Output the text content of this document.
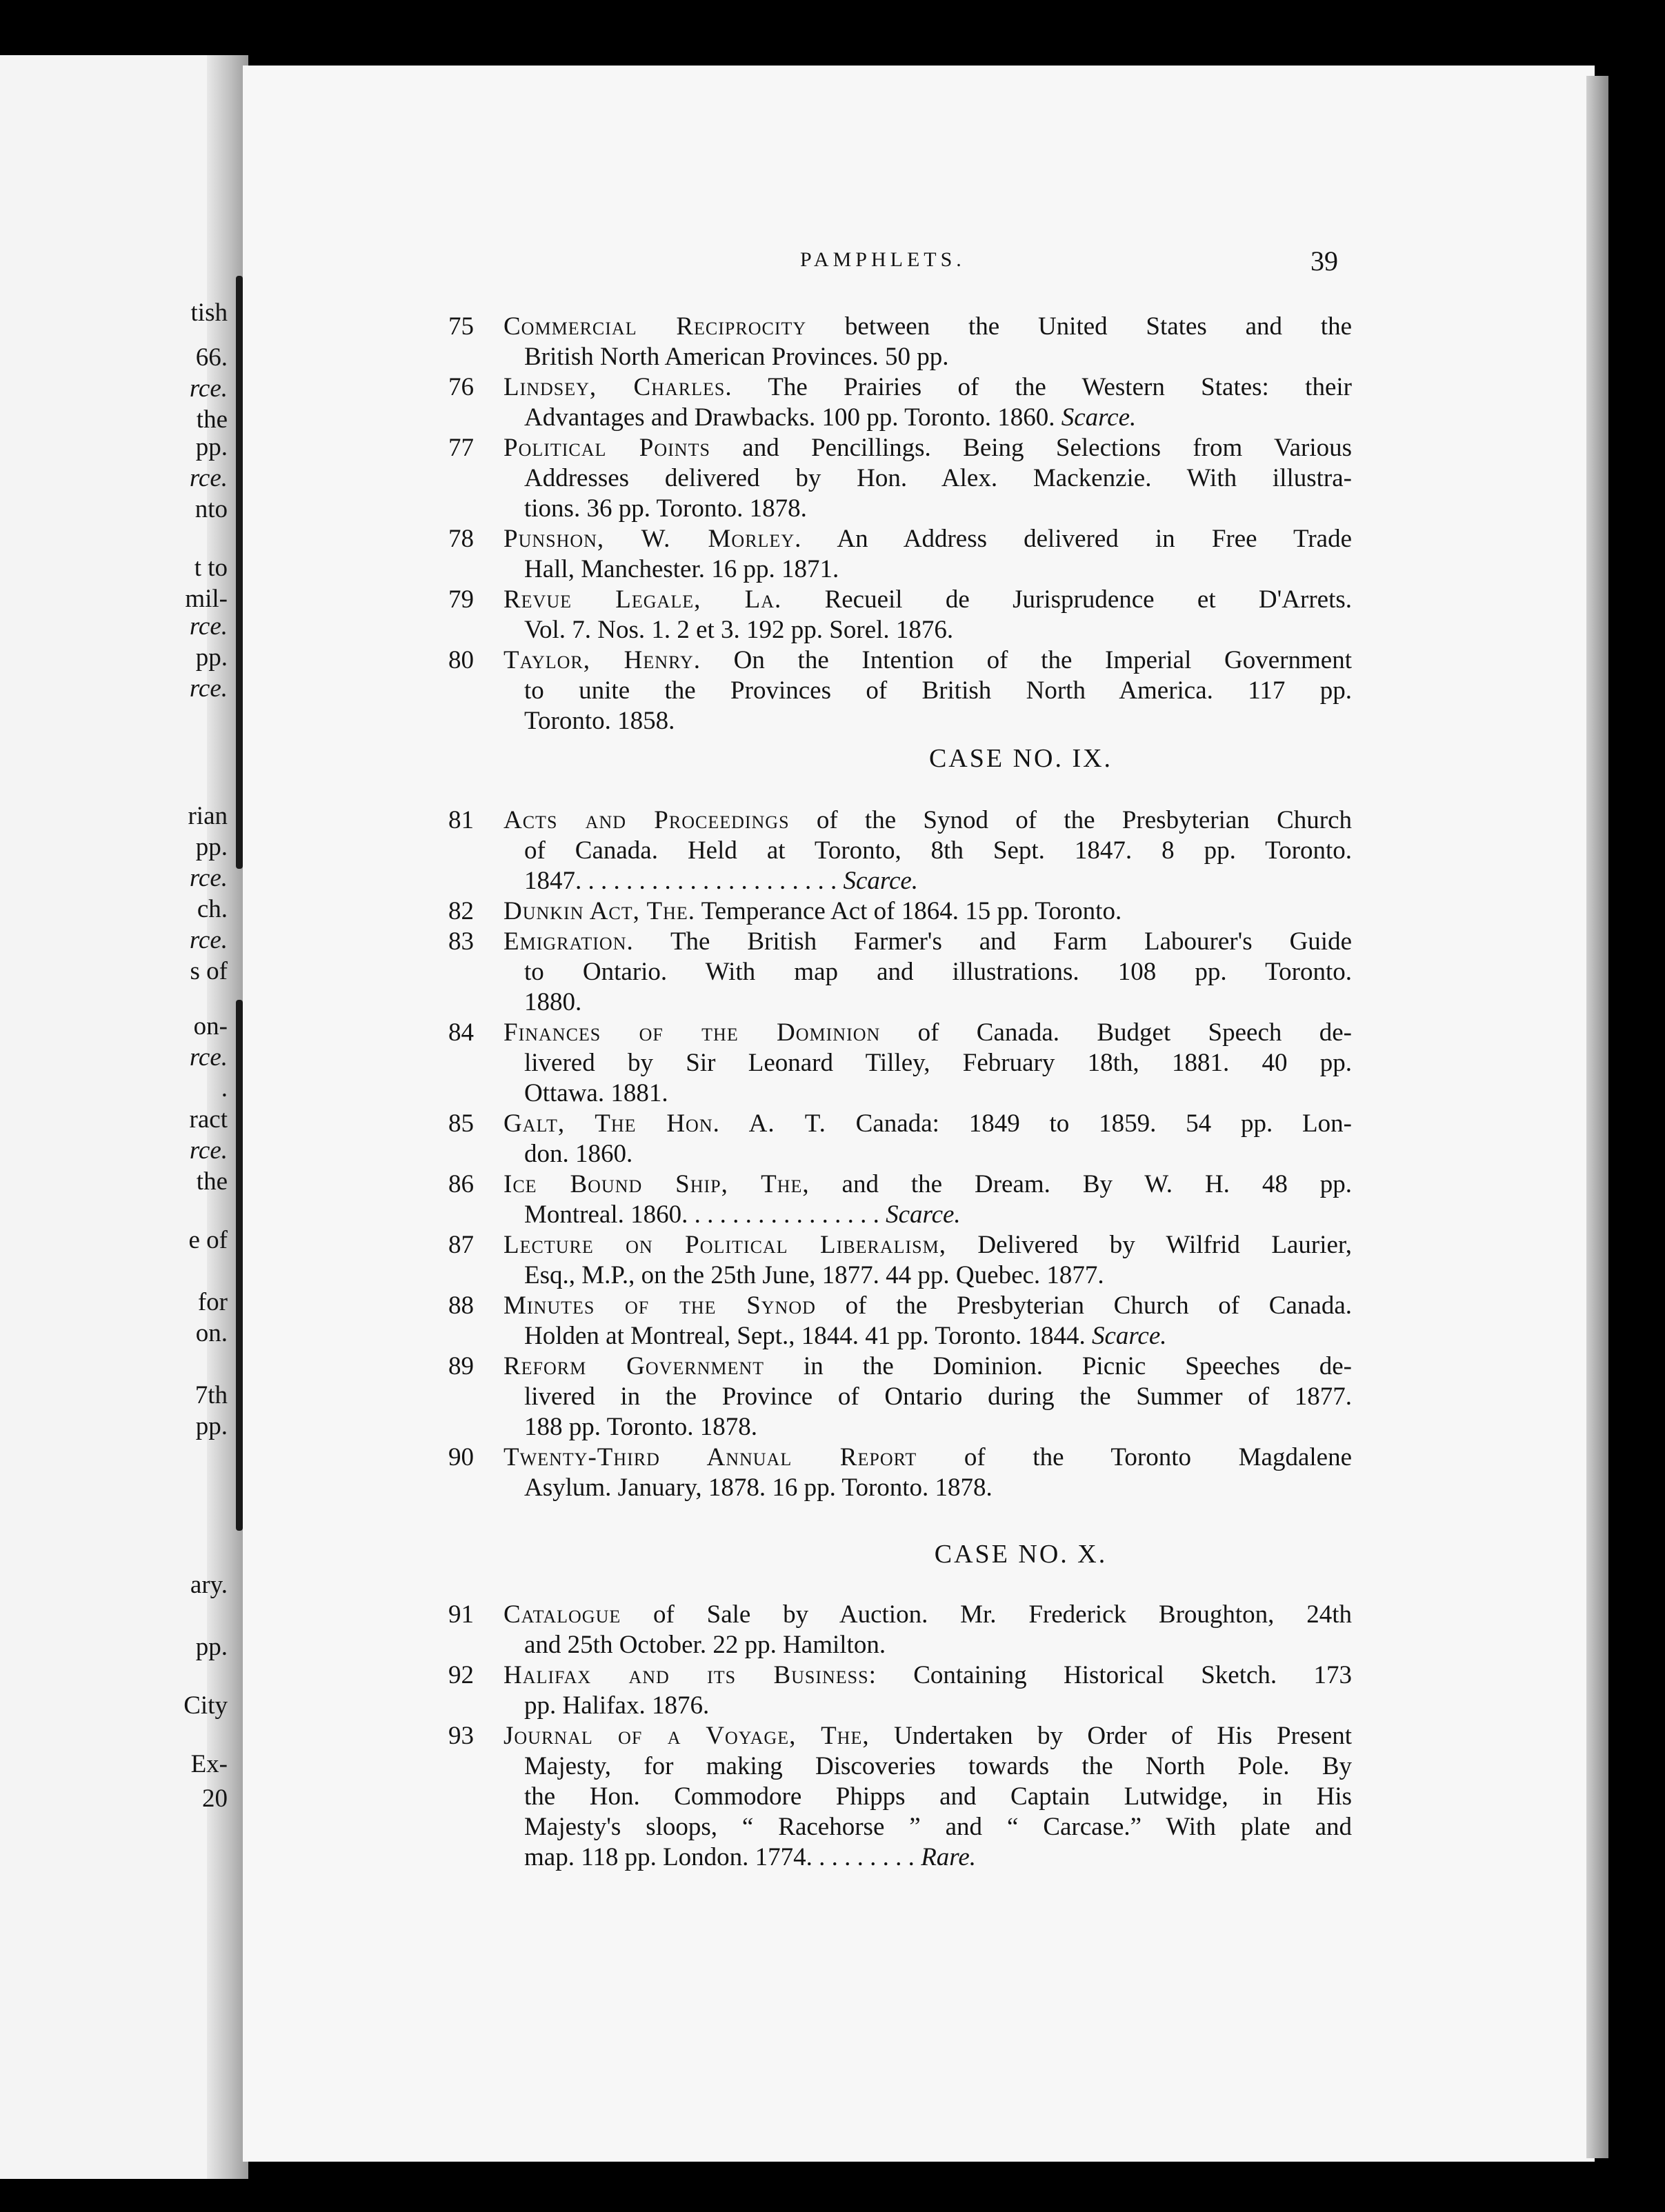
tish
66.
rce.
the
pp.
rce.
nto
t to
mil-
rce.
pp.
rce.
rian
pp.
rce.
ch.
rce.
s of
on-
rce.
.
ract
rce.
the
e of
for
on.
7th
pp.
ary.
pp.
City
Ex-
20
PAMPHLETS.	39
75	Commercial Reciprocity between the United States and the
British North American Provinces. 50 pp.
76	Lindsey, Charles. The Prairies of the Western States: their
Advantages and Drawbacks. 100 pp. Toronto. 1860. Scarce.
77	Political Points and Pencillings. Being Selections from Various
Addresses delivered by Hon. Alex. Mackenzie. With illustra-
tions. 36 pp. Toronto. 1878.
78	Punshon, W. Morley. An Address delivered in Free Trade
Hall, Manchester. 16 pp. 1871.
79	Revue Legale, La. Recueil de Jurisprudence et D'Arrets.
Vol. 7. Nos. 1. 2 et 3. 192 pp. Sorel. 1876.
80	Taylor, Henry. On the Intention of the Imperial Government
to unite the Provinces of British North America. 117 pp.
Toronto. 1858.
CASE NO. IX.
81	Acts and Proceedings of the Synod of the Presbyterian Church
of Canada. Held at Toronto, 8th Sept. 1847. 8 pp. Toronto.
1847. . . . . . . . . . . . . . . . . . . . . Scarce.
82	Dunkin Act, The. Temperance Act of 1864. 15 pp. Toronto.
83	Emigration. The British Farmer's and Farm Labourer's Guide
to Ontario. With map and illustrations. 108 pp. Toronto.
1880.
84	Finances of the Dominion of Canada. Budget Speech de-
livered by Sir Leonard Tilley, February 18th, 1881. 40 pp.
Ottawa. 1881.
85	Galt, The Hon. A. T. Canada: 1849 to 1859. 54 pp. Lon-
don. 1860.
86	Ice Bound Ship, The, and the Dream. By W. H. 48 pp.
Montreal. 1860. . . . . . . . . . . . . . . . Scarce.
87	Lecture on Political Liberalism, Delivered by Wilfrid Laurier,
Esq., M.P., on the 25th June, 1877. 44 pp. Quebec. 1877.
88	Minutes of the Synod of the Presbyterian Church of Canada.
Holden at Montreal, Sept., 1844. 41 pp. Toronto. 1844. Scarce.
89	Reform Government in the Dominion. Picnic Speeches de-
livered in the Province of Ontario during the Summer of 1877.
188 pp. Toronto. 1878.
90	Twenty-Third Annual Report of the Toronto Magdalene
Asylum. January, 1878. 16 pp. Toronto. 1878.
CASE NO. X.
91	Catalogue of Sale by Auction. Mr. Frederick Broughton, 24th
and 25th October. 22 pp. Hamilton.
92	Halifax and its Business: Containing Historical Sketch. 173
pp. Halifax. 1876.
93	Journal of a Voyage, The, Undertaken by Order of His Present
Majesty, for making Discoveries towards the North Pole. By
the Hon. Commodore Phipps and Captain Lutwidge, in His
Majesty's sloops, “ Racehorse ” and “ Carcase.” With plate and
map. 118 pp. London. 1774. . . . . . . . . Rare.
